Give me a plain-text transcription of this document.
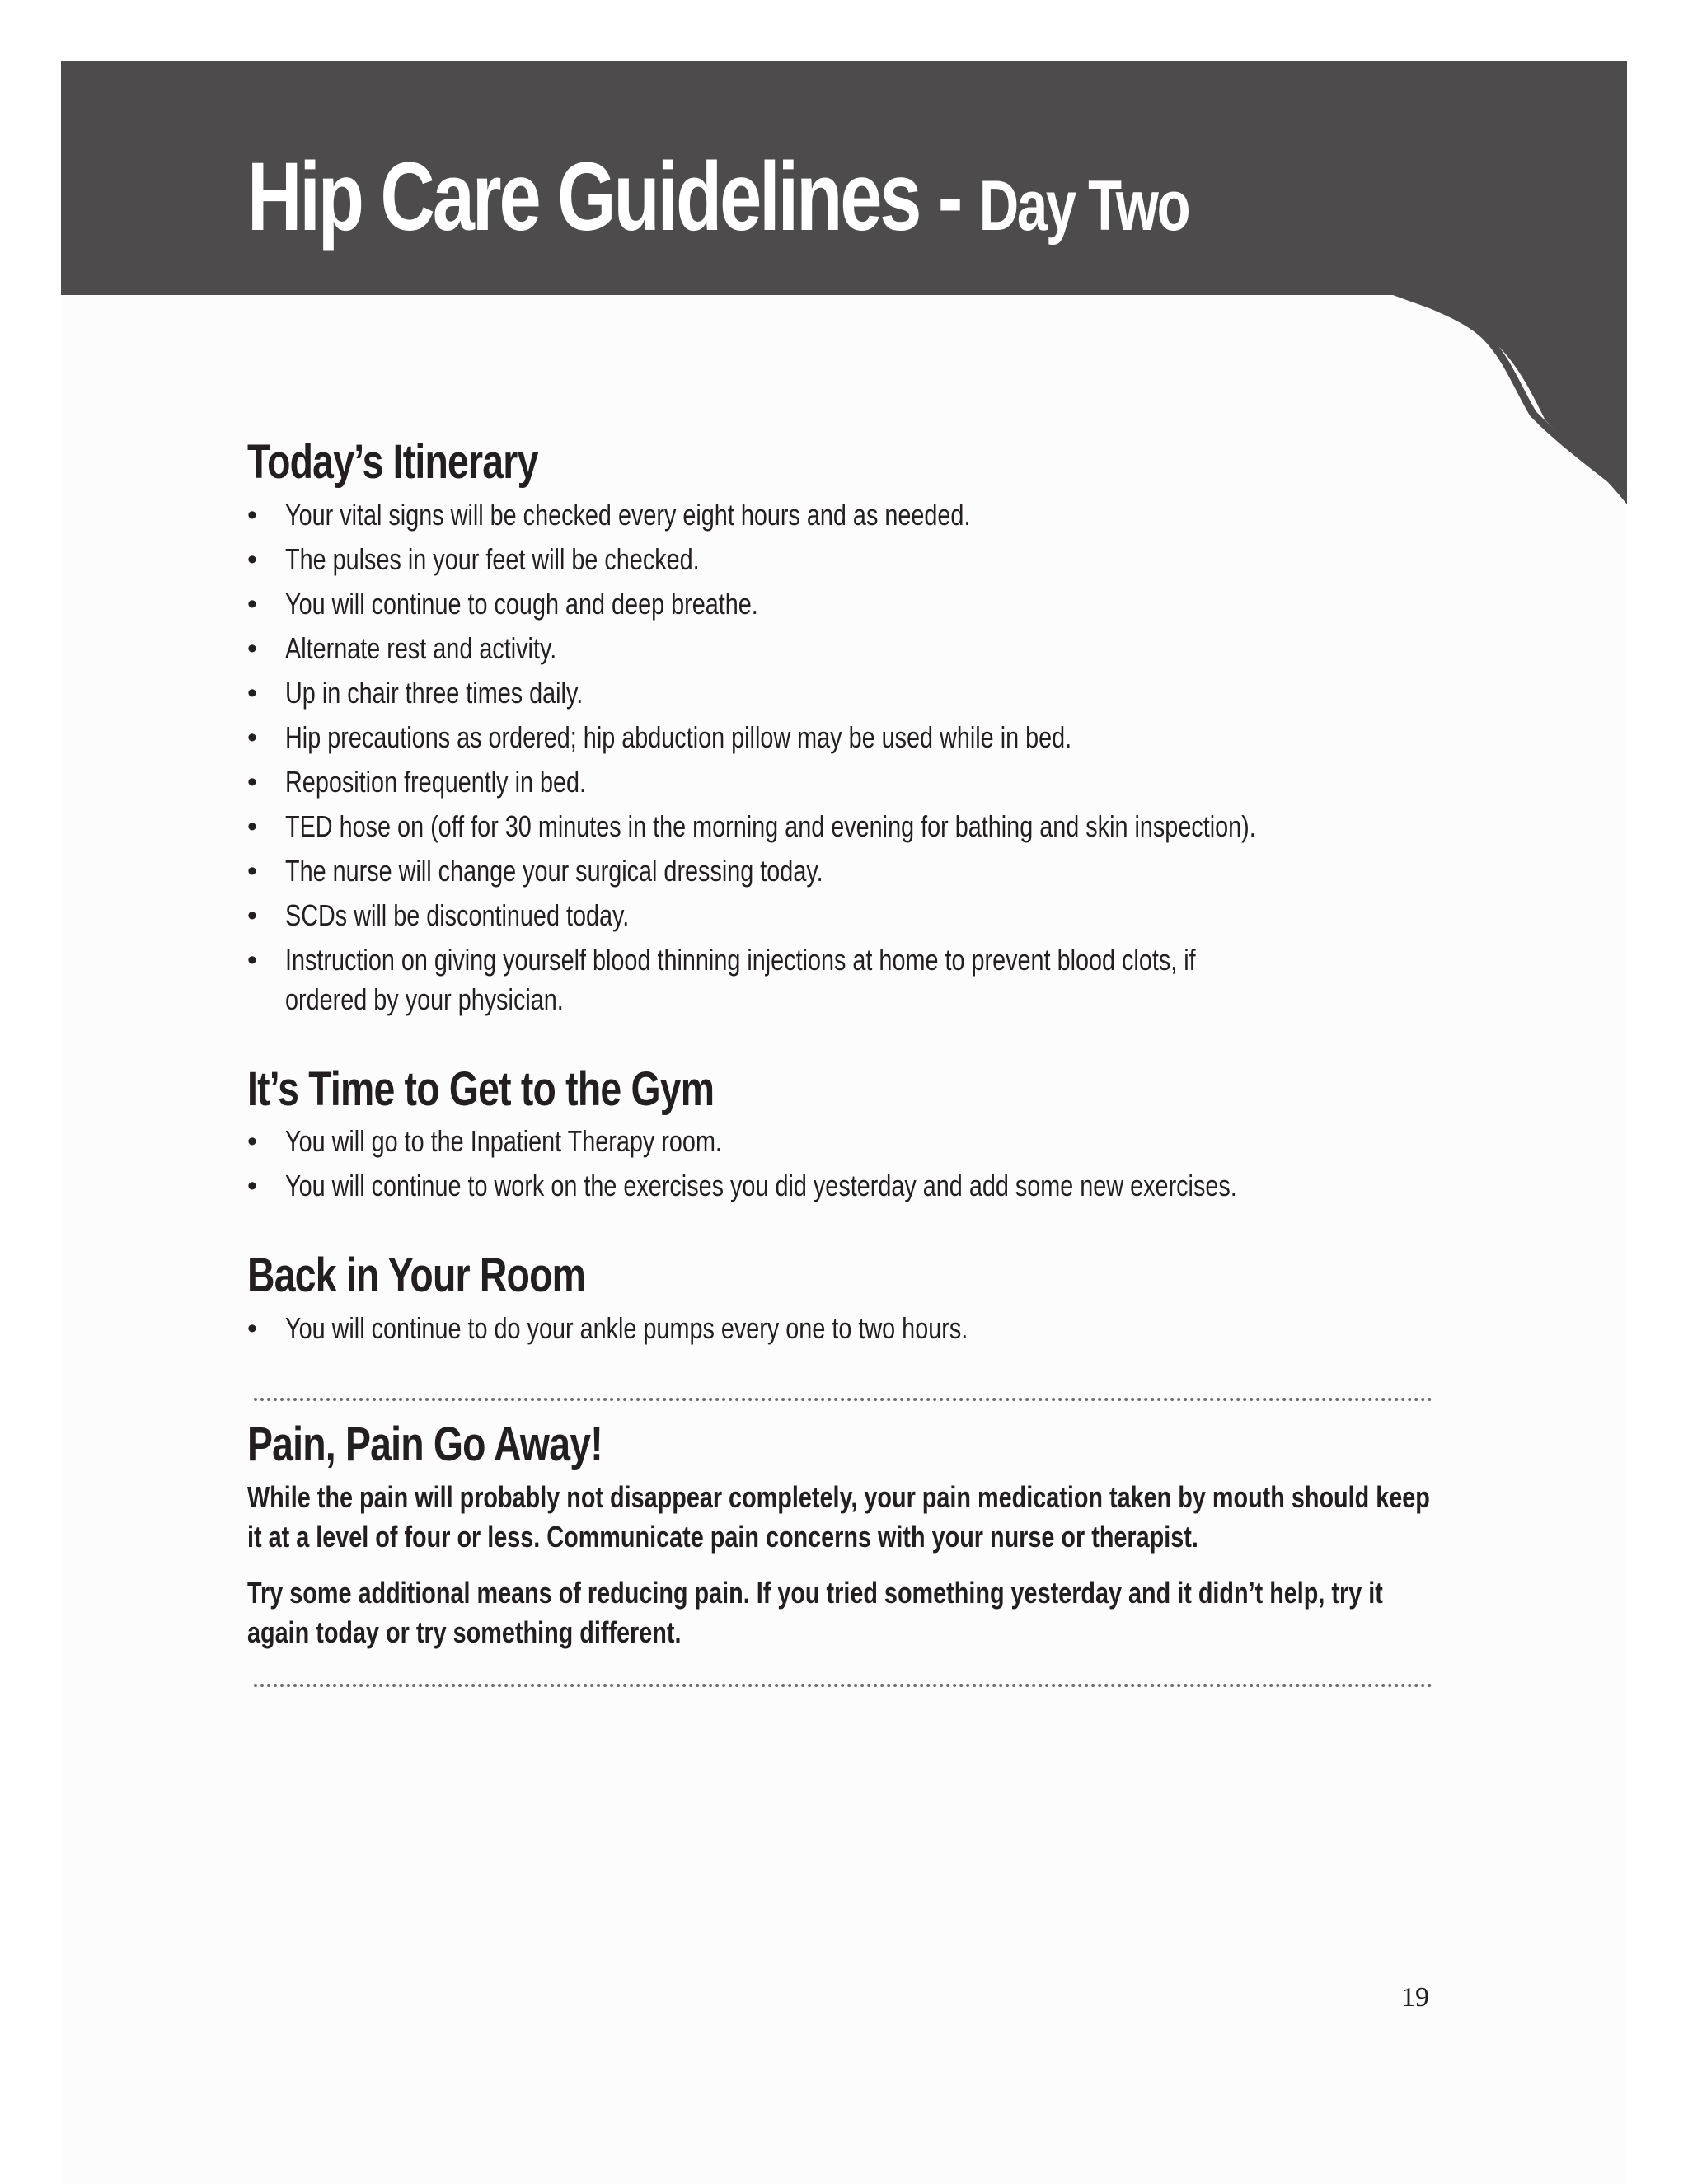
Hip Care Guidelines - Day Two
Today’s Itinerary
• Your vital signs will be checked every eight hours and as needed.
• The pulses in your feet will be checked.
• You will continue to cough and deep breathe.
• Alternate rest and activity.
• Up in chair three times daily.
• Hip precautions as ordered; hip abduction pillow may be used while in bed.
• Reposition frequently in bed.
• TED hose on (off for 30 minutes in the morning and evening for bathing and skin inspection).
• The nurse will change your surgical dressing today.
• SCDs will be discontinued today.
• Instruction on giving yourself blood thinning injections at home to prevent blood clots, if ordered by your physician.
It’s Time to Get to the Gym
• You will go to the Inpatient Therapy room.
• You will continue to work on the exercises you did yesterday and add some new exercises.
Back in Your Room
• You will continue to do your ankle pumps every one to two hours.
Pain, Pain Go Away!

While the pain will probably not disappear completely, your pain medication taken by mouth should keep it at a level of four or less. Communicate pain concerns with your nurse or therapist.

Try some additional means of reducing pain. If you tried something yesterday and it didn’t help, try it again today or try something different.

19
